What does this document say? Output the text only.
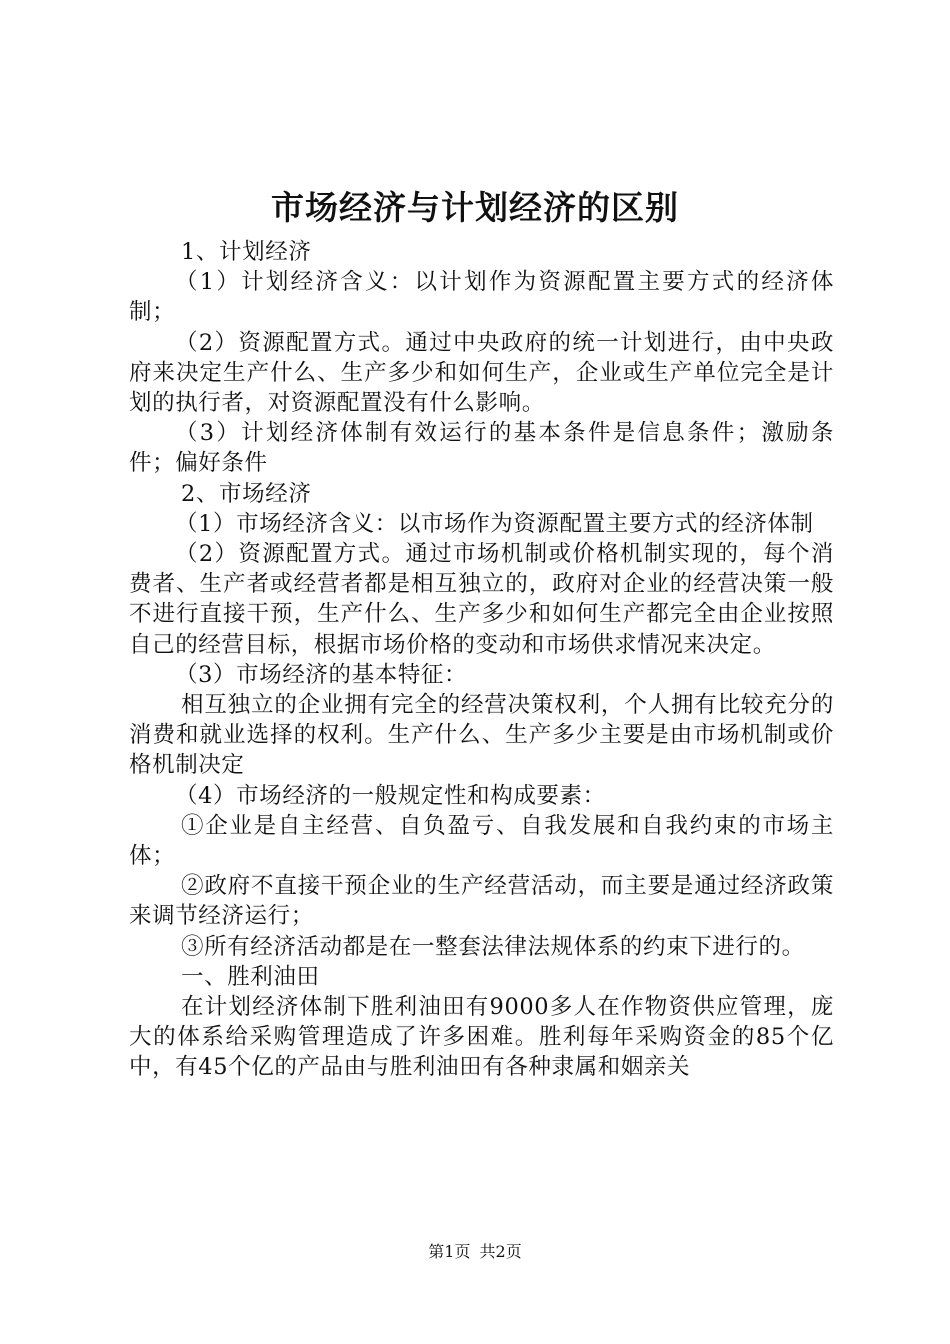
市场经济与计划经济的区别

1、计划经济

（1）计划经济含义：以计划作为资源配置主要方式的经济体制；

（2）资源配置方式。通过中央政府的统一计划进行，由中央政府来决定生产什么、生产多少和如何生产，企业或生产单位完全是计划的执行者，对资源配置没有什么影响。

（3）计划经济体制有效运行的基本条件是信息条件；激励条件；偏好条件

2、市场经济

（1）市场经济含义：以市场作为资源配置主要方式的经济体制

（2）资源配置方式。通过市场机制或价格机制实现的，每个消费者、生产者或经营者都是相互独立的，政府对企业的经营决策一般不进行直接干预，生产什么、生产多少和如何生产都完全由企业按照自己的经营目标，根据市场价格的变动和市场供求情况来决定。

（3）市场经济的基本特征：

相互独立的企业拥有完全的经营决策权利，个人拥有比较充分的消费和就业选择的权利。生产什么、生产多少主要是由市场机制或价格机制决定

（4）市场经济的一般规定性和构成要素：

①企业是自主经营、自负盈亏、自我发展和自我约束的市场主体；

②政府不直接干预企业的生产经营活动，而主要是通过经济政策来调节经济运行；

③所有经济活动都是在一整套法律法规体系的约束下进行的。

一、胜利油田

在计划经济体制下胜利油田有9000多人在作物资供应管理，庞大的体系给采购管理造成了许多困难。胜利每年采购资金的85个亿中，有45个亿的产品由与胜利油田有各种隶属和姻亲关

第1页 共2页
